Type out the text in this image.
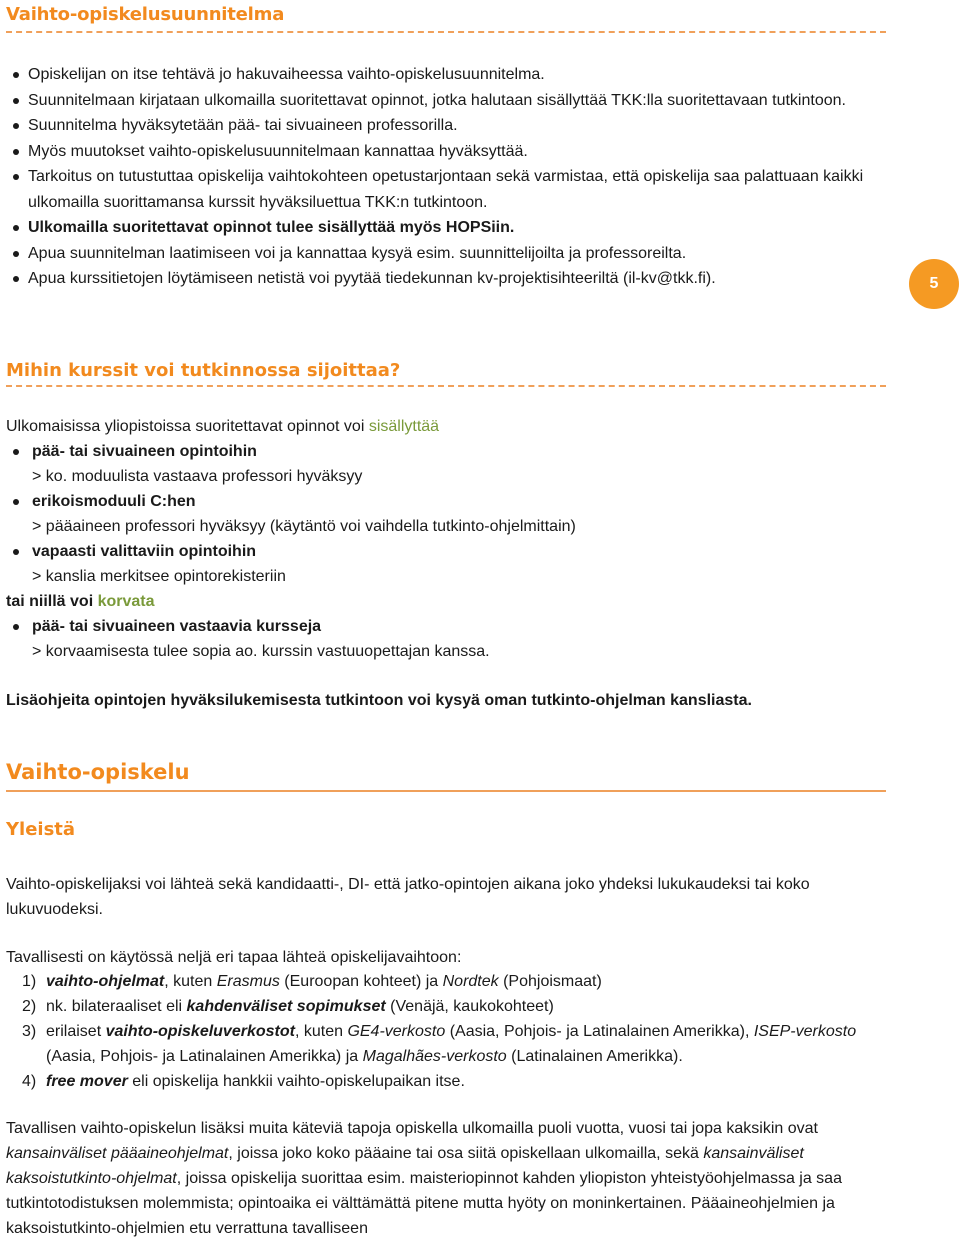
Vaihto-opiskelusuunnitelma
Opiskelijan on itse tehtävä jo hakuvaiheessa vaihto-opiskelusuunnitelma.
Suunnitelmaan kirjataan ulkomailla suoritettavat opinnot, jotka halutaan sisällyttää TKK:lla suoritettavaan tutkintoon.
Suunnitelma hyväksytetään pää- tai sivuaineen professorilla.
Myös muutokset vaihto-opiskelusuunnitelmaan kannattaa hyväksyttää.
Tarkoitus on tutustuttaa opiskelija vaihtokohteen opetustarjontaan sekä varmistaa, että opiskelija saa palattuaan kaikki ulkomailla suorittamansa kurssit hyväksiluettua TKK:n tutkintoon.
Ulkomailla suoritettavat opinnot tulee sisällyttää myös HOPSiin.
Apua suunnitelman laatimiseen voi ja kannattaa kysyä esim. suunnittelijoilta ja professoreilta.
Apua kurssitietojen löytämiseen netistä voi pyytää tiedekunnan kv-projektisihteeriltä (il-kv@tkk.fi).	5
Mihin kurssit voi tutkinnossa sijoittaa?

Ulkomaisissa yliopistoissa suoritettavat opinnot voi sisällyttää

pää- tai sivuaineen opintoihin
> ko. moduulista vastaava professori hyväksyy
erikoismoduuli C:hen
> pääaineen professori hyväksyy (käytäntö voi vaihdella tutkinto-ohjelmittain)
vapaasti valittaviin opintoihin
> kanslia merkitsee opintorekisteriin
tai niillä voi korvata
pää- tai sivuaineen vastaavia kursseja
> korvaamisesta tulee sopia ao. kurssin vastuuopettajan kanssa.

Lisäohjeita opintojen hyväksilukemisesta tutkintoon voi kysyä oman tutkinto-ohjelman kansliasta.

Vaihto-opiskelu
Yleistä

Vaihto-opiskelijaksi voi lähteä sekä kandidaatti-, DI- että jatko-opintojen aikana joko yhdeksi lukukaudeksi tai koko lukuvuodeksi.

Tavallisesti on käytössä neljä eri tapaa lähteä opiskelijavaihtoon:

1) vaihto-ohjelmat, kuten Erasmus (Euroopan kohteet) ja Nordtek (Pohjoismaat)
2) nk. bilateraaliset eli kahdenväliset sopimukset (Venäjä, kaukokohteet)
3) erilaiset vaihto-opiskeluverkostot, kuten GE4-verkosto (Aasia, Pohjois- ja Latinalainen Amerikka), ISEP-verkosto (Aasia, Pohjois- ja Latinalainen Amerikka) ja Magalhães-verkosto (Latinalainen Amerikka).
4) free mover eli opiskelija hankkii vaihto-opiskelupaikan itse.

Tavallisen vaihto-opiskelun lisäksi muita käteviä tapoja opiskella ulkomailla puoli vuotta, vuosi tai jopa kaksikin ovat kansainväliset pääaineohjelmat, joissa joko koko pääaine tai osa siitä opiskellaan ulkomailla, sekä kansainväliset kaksoistutkinto-ohjelmat, joissa opiskelija suorittaa esim. maisteriopinnot kahden yliopiston yhteistyöohjelmassa ja saa tutkintotodistuksen molemmista; opintoaika ei välttämättä pitene mutta hyöty on moninkertainen. Pääaineohjelmien ja kaksoistutkinto-ohjelmien etu verrattuna tavalliseen
